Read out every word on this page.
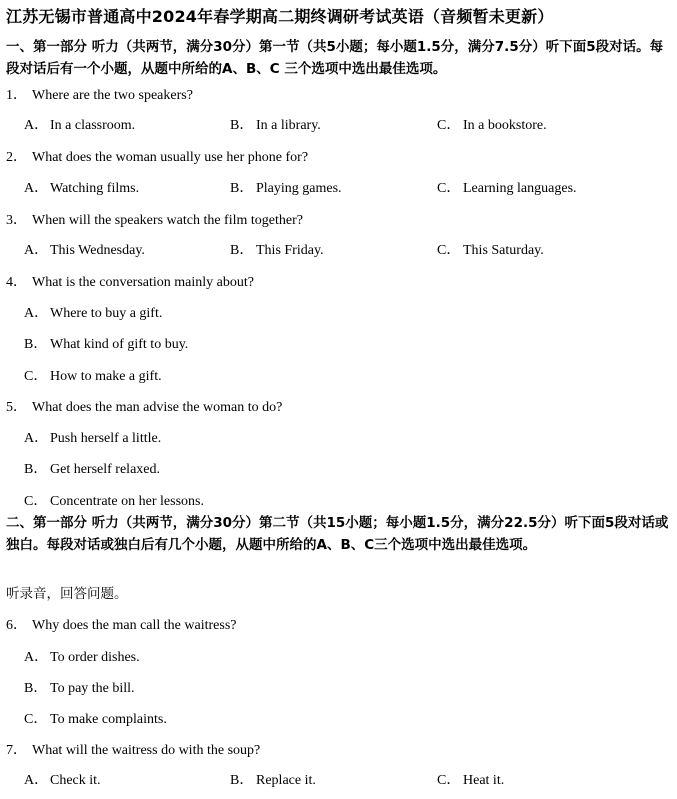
江苏无锡市普通高中2024年春学期高二期终调研考试英语（音频暂未更新）
一、第一部分 听力（共两节，满分30分）第一节（共5小题；每小题1.5分，满分7.5分）听下面5段对话。每段对话后有一个小题，从题中所给的A、B、C 三个选项中选出最佳选项。
1． Where are the two speakers?
A． In a classroom.	B． In a library.	C． In a bookstore.
2． What does the woman usually use her phone for?
A． Watching films.	B． Playing games.	C． Learning languages.
3． When will the speakers watch the film together?
A． This Wednesday.	B． This Friday.	C． This Saturday.
4． What is the conversation mainly about?
A． Where to buy a gift.
B． What kind of gift to buy.
C． How to make a gift.
5． What does the man advise the woman to do?
A． Push herself a little.
B． Get herself relaxed.
C． Concentrate on her lessons.
二、第一部分 听力（共两节，满分30分）第二节（共15小题；每小题1.5分，满分22.5分）听下面5段对话或独白。每段对话或独白后有几个小题，从题中所给的A、B、C三个选项中选出最佳选项。
听录音，回答问题。
6． Why does the man call the waitress?
A． To order dishes.
B． To pay the bill.
C． To make complaints.
7． What will the waitress do with the soup?
A． Check it.	B． Replace it.	C． Heat it.
